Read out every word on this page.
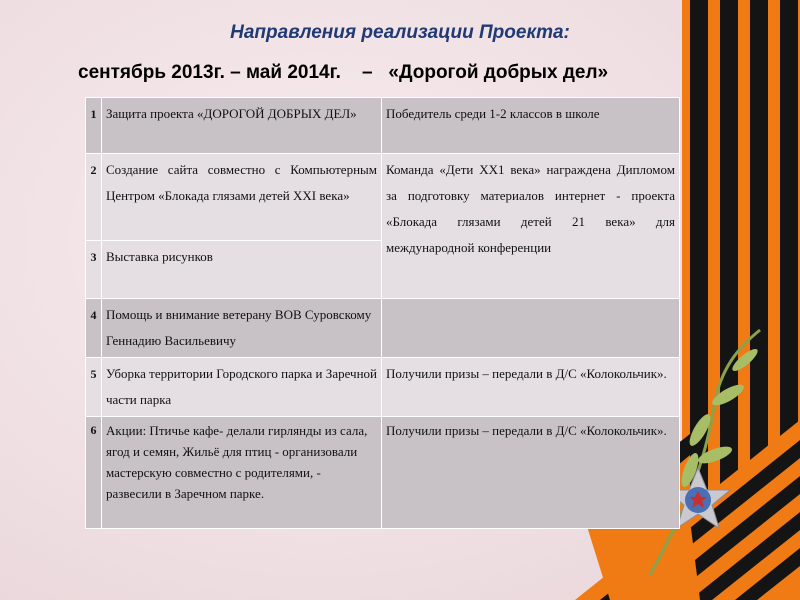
Направления реализации Проекта:
сентябрь 2013г. – май 2014г.    –   «Дорогой добрых дел»
1	Защита проекта «ДОРОГОЙ ДОБРЫХ ДЕЛ»	Победитель среди 1-2 классов в школе
2	Создание сайта совместно с Компьютерным Центром «Блокада глязами детей XXI века»	Команда «Дети XX1 века» награждена Дипломом за подготовку материалов интернет - проекта «Блокада глязами детей 21 века» для международной конференции
3	Выставка рисунков	
4	Помощь и внимание ветерану ВОВ Суровскому Геннадию Васильевичу	
5	Уборка территории Городского парка и Заречной части парка	Получили призы – передали в Д/С «Колокольчик».
6	Акции: Птичье кафе- делали гирлянды из сала, ягод и семян, Жильё для птиц - организовали мастерскую совместно с родителями, - развесили в Заречном парке.	Получили призы – передали в Д/С «Колокольчик».
